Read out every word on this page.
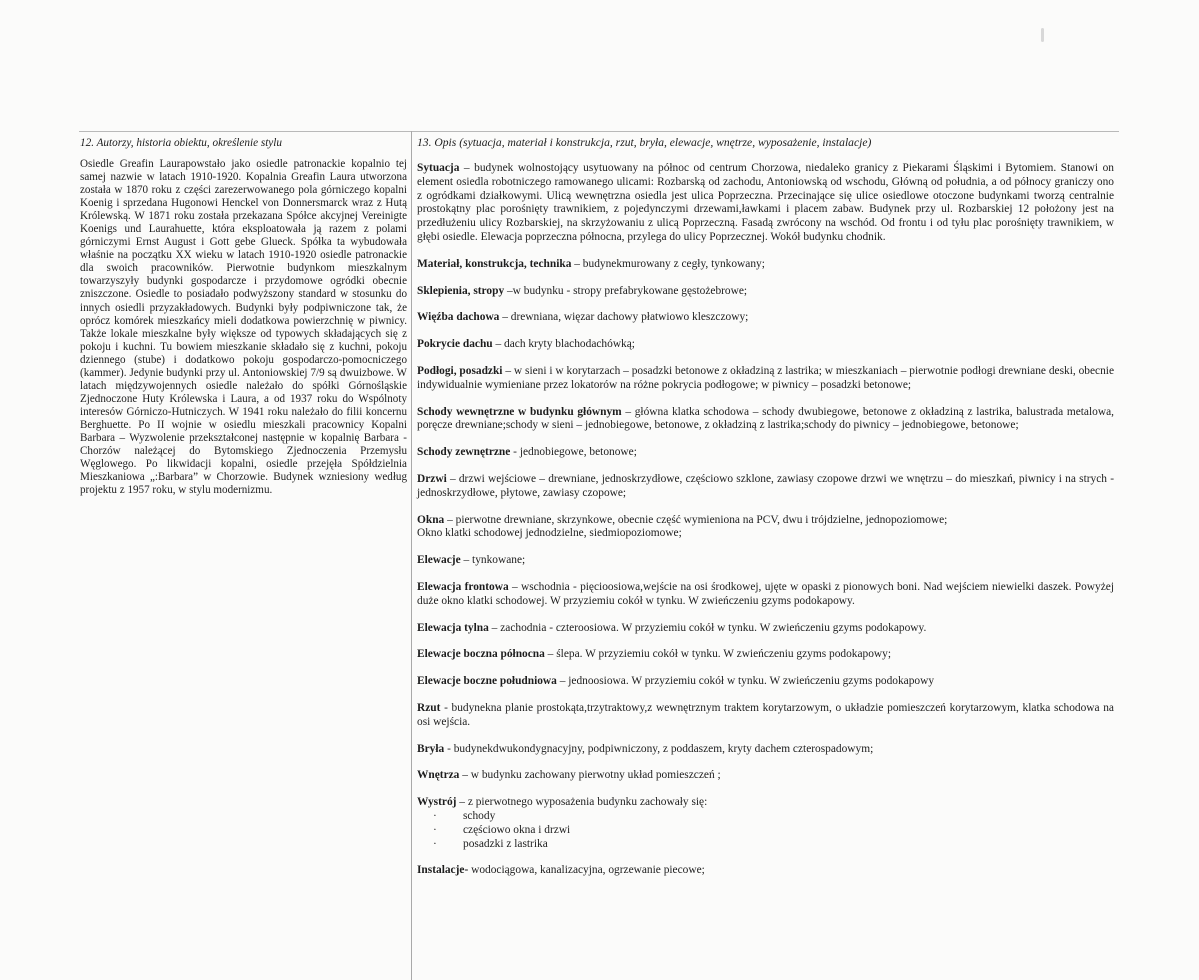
12. Autorzy, historia obiektu, określenie stylu

Osiedle Greafin Laurapowstało jako osiedle patronackie kopalnio tej samej nazwie w latach 1910-1920. Kopalnia Greafin Laura utworzona została w 1870 roku z części zarezerwowanego pola górniczego kopalni Koenig i sprzedana Hugonowi Henckel von Donnersmarck wraz z Hutą Królewską. W 1871 roku została przekazana Spółce akcyjnej Vereinigte Koenigs und Laurahuette, która eksploatowała ją razem z polami górniczymi Ernst August i Gott gebe Glueck. Spółka ta wybudowała właśnie na początku XX wieku w latach 1910-1920 osiedle patronackie dla swoich pracowników. Pierwotnie budynkom mieszkalnym towarzyszyły budynki gospodarcze i przydomowe ogródki obecnie zniszczone. Osiedle to posiadało podwyższony standard w stosunku do innych osiedli przyzakładowych. Budynki były podpiwniczone tak, że oprócz komórek mieszkańcy mieli dodatkowa powierzchnię w piwnicy. Także lokale mieszkalne były większe od typowych składających się z pokoju i kuchni. Tu bowiem mieszkanie składało się z kuchni, pokoju dziennego (stube) i dodatkowo pokoju gospodarczo-pomocniczego (kammer). Jedynie budynki przy ul. Antoniowskiej 7/9 są dwuizbowe. W latach międzywojennych osiedle należało do spółki Górnośląskie Zjednoczone Huty Królewska i Laura, a od 1937 roku do Wspólnoty interesów Górniczo-Hutniczych. W 1941 roku należało do filii koncernu Berghuette. Po II wojnie w osiedlu mieszkali pracownicy Kopalni Barbara – Wyzwolenie przekształconej następnie w kopalnię Barbara - Chorzów należącej do Bytomskiego Zjednoczenia Przemysłu Węglowego. Po likwidacji kopalni, osiedle przejęła Spółdzielnia Mieszkaniowa „:Barbara” w Chorzowie. Budynek wzniesiony według projektu z 1957 roku, w stylu modernizmu.

13. Opis (sytuacja, materiał i konstrukcja, rzut, bryła, elewacje, wnętrze, wyposażenie, instalacje)

Sytuacja – budynek wolnostojący usytuowany na północ od centrum Chorzowa, niedaleko granicy z Piekarami Śląskimi i Bytomiem. Stanowi on element osiedla robotniczego ramowanego ulicami: Rozbarską od zachodu, Antoniowską od wschodu, Główną od południa, a od północy graniczy ono z ogródkami działkowymi. Ulicą wewnętrzna osiedla jest ulica Poprzeczna. Przecinające się ulice osiedlowe otoczone budynkami tworzą centralnie prostokątny plac porośnięty trawnikiem, z pojedynczymi drzewami,ławkami i placem zabaw. Budynek przy ul. Rozbarskiej 12 położony jest na przedłużeniu ulicy Rozbarskiej, na skrzyżowaniu z ulicą Poprzeczną. Fasadą zwrócony na wschód. Od frontu i od tyłu plac porośnięty trawnikiem, w głębi osiedle. Elewacja poprzeczna północna, przylega do ulicy Poprzecznej. Wokół budynku chodnik.

Materiał, konstrukcja, technika – budynekmurowany z cegły, tynkowany;

Sklepienia, stropy –w budynku - stropy prefabrykowane gęstożebrowe;

Więźba dachowa – drewniana, więzar dachowy płatwiowo kleszczowy;

Pokrycie dachu – dach kryty blachodachówką;

Podłogi, posadzki – w sieni i w korytarzach – posadzki betonowe z okładziną z lastrika; w mieszkaniach – pierwotnie podłogi drewniane deski, obecnie indywidualnie wymieniane przez lokatorów na różne pokrycia podłogowe; w piwnicy – posadzki betonowe;

Schody wewnętrzne w budynku głównym – główna klatka schodowa – schody dwubiegowe, betonowe z okładziną z lastrika, balustrada metalowa, poręcze drewniane;schody w sieni – jednobiegowe, betonowe, z okładziną z lastrika;schody do piwnicy – jednobiegowe, betonowe;

Schody zewnętrzne - jednobiegowe, betonowe;

Drzwi – drzwi wejściowe – drewniane, jednoskrzydłowe, częściowo szklone, zawiasy czopowe drzwi we wnętrzu – do mieszkań, piwnicy i na strych - jednoskrzydłowe, płytowe, zawiasy czopowe;

Okna – pierwotne drewniane, skrzynkowe, obecnie część wymieniona na PCV, dwu i trójdzielne, jednopoziomowe;
Okno klatki schodowej jednodzielne, siedmiopoziomowe;

Elewacje – tynkowane;

Elewacja frontowa – wschodnia - pięcioosiowa,wejście na osi środkowej, ujęte w opaski z pionowych boni. Nad wejściem niewielki daszek. Powyżej duże okno klatki schodowej. W przyziemiu cokół w tynku. W zwieńczeniu gzyms podokapowy.

Elewacja tylna – zachodnia - czteroosiowa. W przyziemiu cokół w tynku. W zwieńczeniu gzyms podokapowy.

Elewacje boczna północna – ślepa. W przyziemiu cokół w tynku. W zwieńczeniu gzyms podokapowy;

Elewacje boczne południowa – jednoosiowa. W przyziemiu cokół w tynku. W zwieńczeniu gzyms podokapowy

Rzut - budynekna planie prostokąta,trzytraktowy,z wewnętrznym traktem korytarzowym, o układzie pomieszczeń korytarzowym, klatka schodowa na osi wejścia.

Bryła - budynekdwukondygnacyjny, podpiwniczony, z poddaszem, kryty dachem czterospadowym;

Wnętrza – w budynku zachowany pierwotny układ pomieszczeń ;

Wystrój – z pierwotnego wyposażenia budynku zachowały się:
· schody
· częściowo okna i drzwi
· posadzki z lastrika

Instalacje- wodociągowa, kanalizacyjna, ogrzewanie piecowe;
